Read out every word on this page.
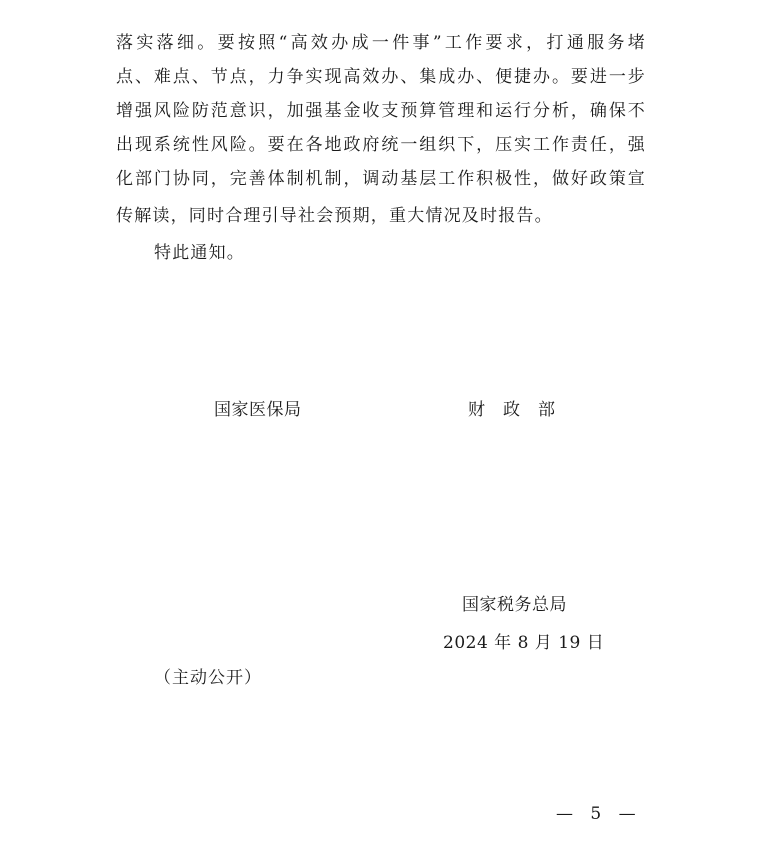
落实落细。要按照“高效办成一件事”工作要求，打通服务堵
点、难点、节点，力争实现高效办、集成办、便捷办。要进一步
增强风险防范意识，加强基金收支预算管理和运行分析，确保不
出现系统性风险。要在各地政府统一组织下，压实工作责任，强
化部门协同，完善体制机制，调动基层工作积极性，做好政策宣
传解读，同时合理引导社会预期，重大情况及时报告。
特此通知。
国家医保局	财政部
国家税务总局
2024 年 8 月 19 日
（主动公开）
— 5 —
